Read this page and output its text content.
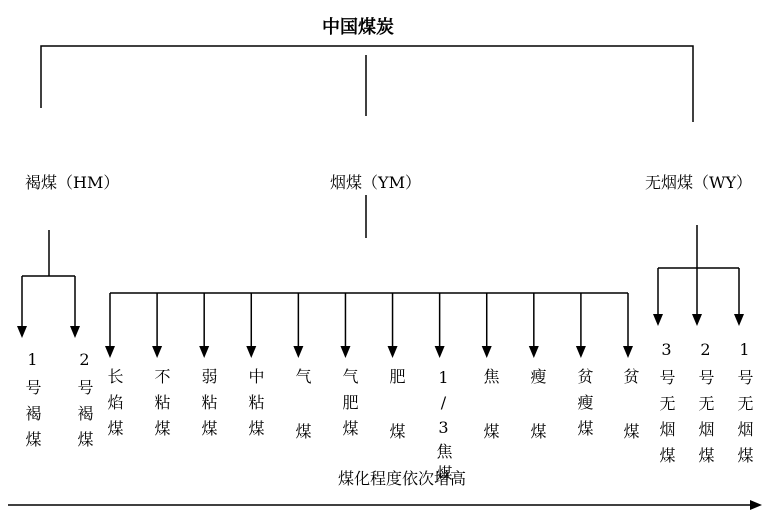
中国煤炭
褐煤（HM）	烟煤（YM）	无烟煤（WY）
1号褐煤 2号褐煤 长焰煤 不粘煤 弱粘煤 中粘煤 气 煤 气肥煤 肥 煤 1/3焦煤 焦 煤 瘦 煤 贫瘦煤 贫 煤 3号无烟煤 2号无烟煤 1号无烟煤
煤化程度依次增高
